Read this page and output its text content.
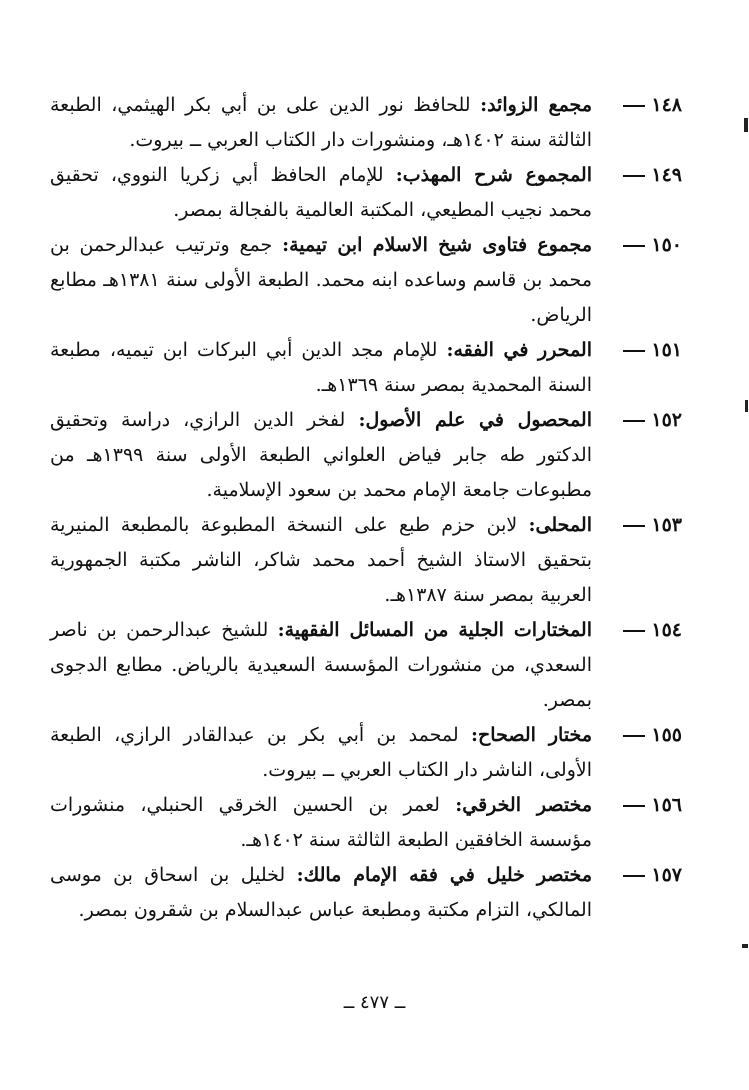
١٤٨
مجمع الزوائد: للحافظ نور الدين على بن أبي بكر الهيثمي، الطبعة الثالثة سنة ١٤٠٢هـ، ومنشورات دار الكتاب العربي ــ بيروت.
١٤٩
المجموع شرح المهذب: للإمام الحافظ أبي زكريا النووي، تحقيق محمد نجيب المطيعي، المكتبة العالمية بالفجالة بمصر.
١٥٠
مجموع فتاوى شيخ الاسلام ابن تيمية: جمع وترتيب عبدالرحمن بن محمد بن قاسم وساعده ابنه محمد. الطبعة الأولى سنة ١٣٨١هـ مطابع الرياض.
١٥١
المحرر في الفقه: للإمام مجد الدين أبي البركات ابن تيميه، مطبعة السنة المحمدية بمصر سنة ١٣٦٩هـ.
١٥٢
المحصول في علم الأصول: لفخر الدين الرازي، دراسة وتحقيق الدكتور طه جابر فياض العلواني الطبعة الأولى سنة ١٣٩٩هـ من مطبوعات جامعة الإمام محمد بن سعود الإسلامية.
١٥٣
المحلى: لابن حزم طبع على النسخة المطبوعة بالمطبعة المنيرية بتحقيق الاستاذ الشيخ أحمد محمد شاكر، الناشر مكتبة الجمهورية العربية بمصر سنة ١٣٨٧هـ.
١٥٤
المختارات الجلية من المسائل الفقهية: للشيخ عبدالرحمن بن ناصر السعدي، من منشورات المؤسسة السعيدية بالرياض. مطابع الدجوى بمصر.
١٥٥
مختار الصحاح: لمحمد بن أبي بكر بن عبدالقادر الرازي، الطبعة الأولى، الناشر دار الكتاب العربي ــ بيروت.
١٥٦
مختصر الخرقي: لعمر بن الحسين الخرقي الحنبلي، منشورات مؤسسة الخافقين الطبعة الثالثة سنة ١٤٠٢هـ.
١٥٧
مختصر خليل في فقه الإمام مالك: لخليل بن اسحاق بن موسى المالكي، التزام مكتبة ومطبعة عباس عبدالسلام بن شقرون بمصر.
ــ ٤٧٧ ــ
